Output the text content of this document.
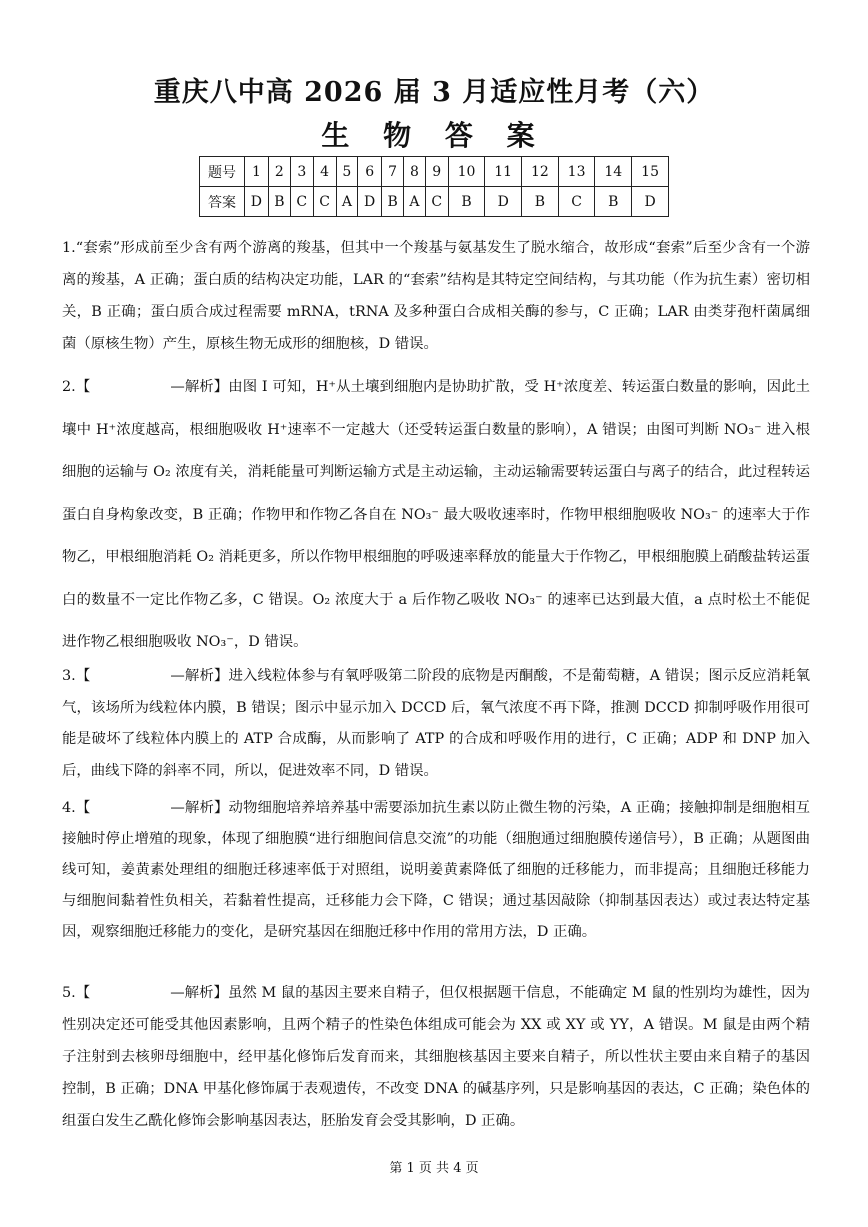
重庆八中高 2026 届 3 月适应性月考（六）
生 物 答 案
题号	1	2	3	4	5	6	7	8	9	10	11	12	13	14	15
答案	D	B	C	C	A	D	B	A	C	B	D	B	C	B	D

1.“套索”形成前至少含有两个游离的羧基，但其中一个羧基与氨基发生了脱水缩合，故形成“套索”后至少含有一个游离的羧基，A 正确；蛋白质的结构决定功能，LAR 的“套索”结构是其特定空间结构，与其功能（作为抗生素）密切相关，B 正确；蛋白质合成过程需要 mRNA，tRNA 及多种蛋白合成相关酶的参与，C 正确；LAR 由类芽孢杆菌属细菌（原核生物）产生，原核生物无成形的细胞核，D 错误。

2.【	—解析】由图 Ⅰ 可知，H⁺从土壤到细胞内是协助扩散，受 H⁺浓度差、转运蛋白数量的影响，因此土壤中 H⁺浓度越高，根细胞吸收 H⁺速率不一定越大（还受转运蛋白数量的影响），A 错误；由图可判断 NO₃⁻ 进入根细胞的运输与 O₂ 浓度有关，消耗能量可判断运输方式是主动运输，主动运输需要转运蛋白与离子的结合，此过程转运蛋白自身构象改变，B 正确；作物甲和作物乙各自在 NO₃⁻ 最大吸收速率时，作物甲根细胞吸收 NO₃⁻ 的速率大于作物乙，甲根细胞消耗 O₂ 消耗更多，所以作物甲根细胞的呼吸速率释放的能量大于作物乙，甲根细胞膜上硝酸盐转运蛋白的数量不一定比作物乙多，C 错误。O₂ 浓度大于 a 后作物乙吸收 NO₃⁻ 的速率已达到最大值，a 点时松土不能促进作物乙根细胞吸收 NO₃⁻，D 错误。

3.【	—解析】进入线粒体参与有氧呼吸第二阶段的底物是丙酮酸，不是葡萄糖，A 错误；图示反应消耗氧气，该场所为线粒体内膜，B 错误；图示中显示加入 DCCD 后，氧气浓度不再下降，推测 DCCD 抑制呼吸作用很可能是破坏了线粒体内膜上的 ATP 合成酶，从而影响了 ATP 的合成和呼吸作用的进行，C 正确；ADP 和 DNP 加入后，曲线下降的斜率不同，所以，促进效率不同，D 错误。

4.【	—解析】动物细胞培养培养基中需要添加抗生素以防止微生物的污染，A 正确；接触抑制是细胞相互接触时停止增殖的现象，体现了细胞膜“进行细胞间信息交流”的功能（细胞通过细胞膜传递信号），B 正确；从题图曲线可知，姜黄素处理组的细胞迁移速率低于对照组，说明姜黄素降低了细胞的迁移能力，而非提高；且细胞迁移能力与细胞间黏着性负相关，若黏着性提高，迁移能力会下降，C 错误；通过基因敲除（抑制基因表达）或过表达特定基因，观察细胞迁移能力的变化，是研究基因在细胞迁移中作用的常用方法，D 正确。

5.【	—解析】虽然 M 鼠的基因主要来自精子，但仅根据题干信息，不能确定 M 鼠的性别均为雄性，因为性别决定还可能受其他因素影响，且两个精子的性染色体组成可能会为 XX 或 XY 或 YY，A 错误。M 鼠是由两个精子注射到去核卵母细胞中，经甲基化修饰后发育而来，其细胞核基因主要来自精子，所以性状主要由来自精子的基因控制，B 正确；DNA 甲基化修饰属于表观遗传，不改变 DNA 的碱基序列，只是影响基因的表达，C 正确；染色体的组蛋白发生乙酰化修饰会影响基因表达，胚胎发育会受其影响，D 正确。

第 1 页 共 4 页
